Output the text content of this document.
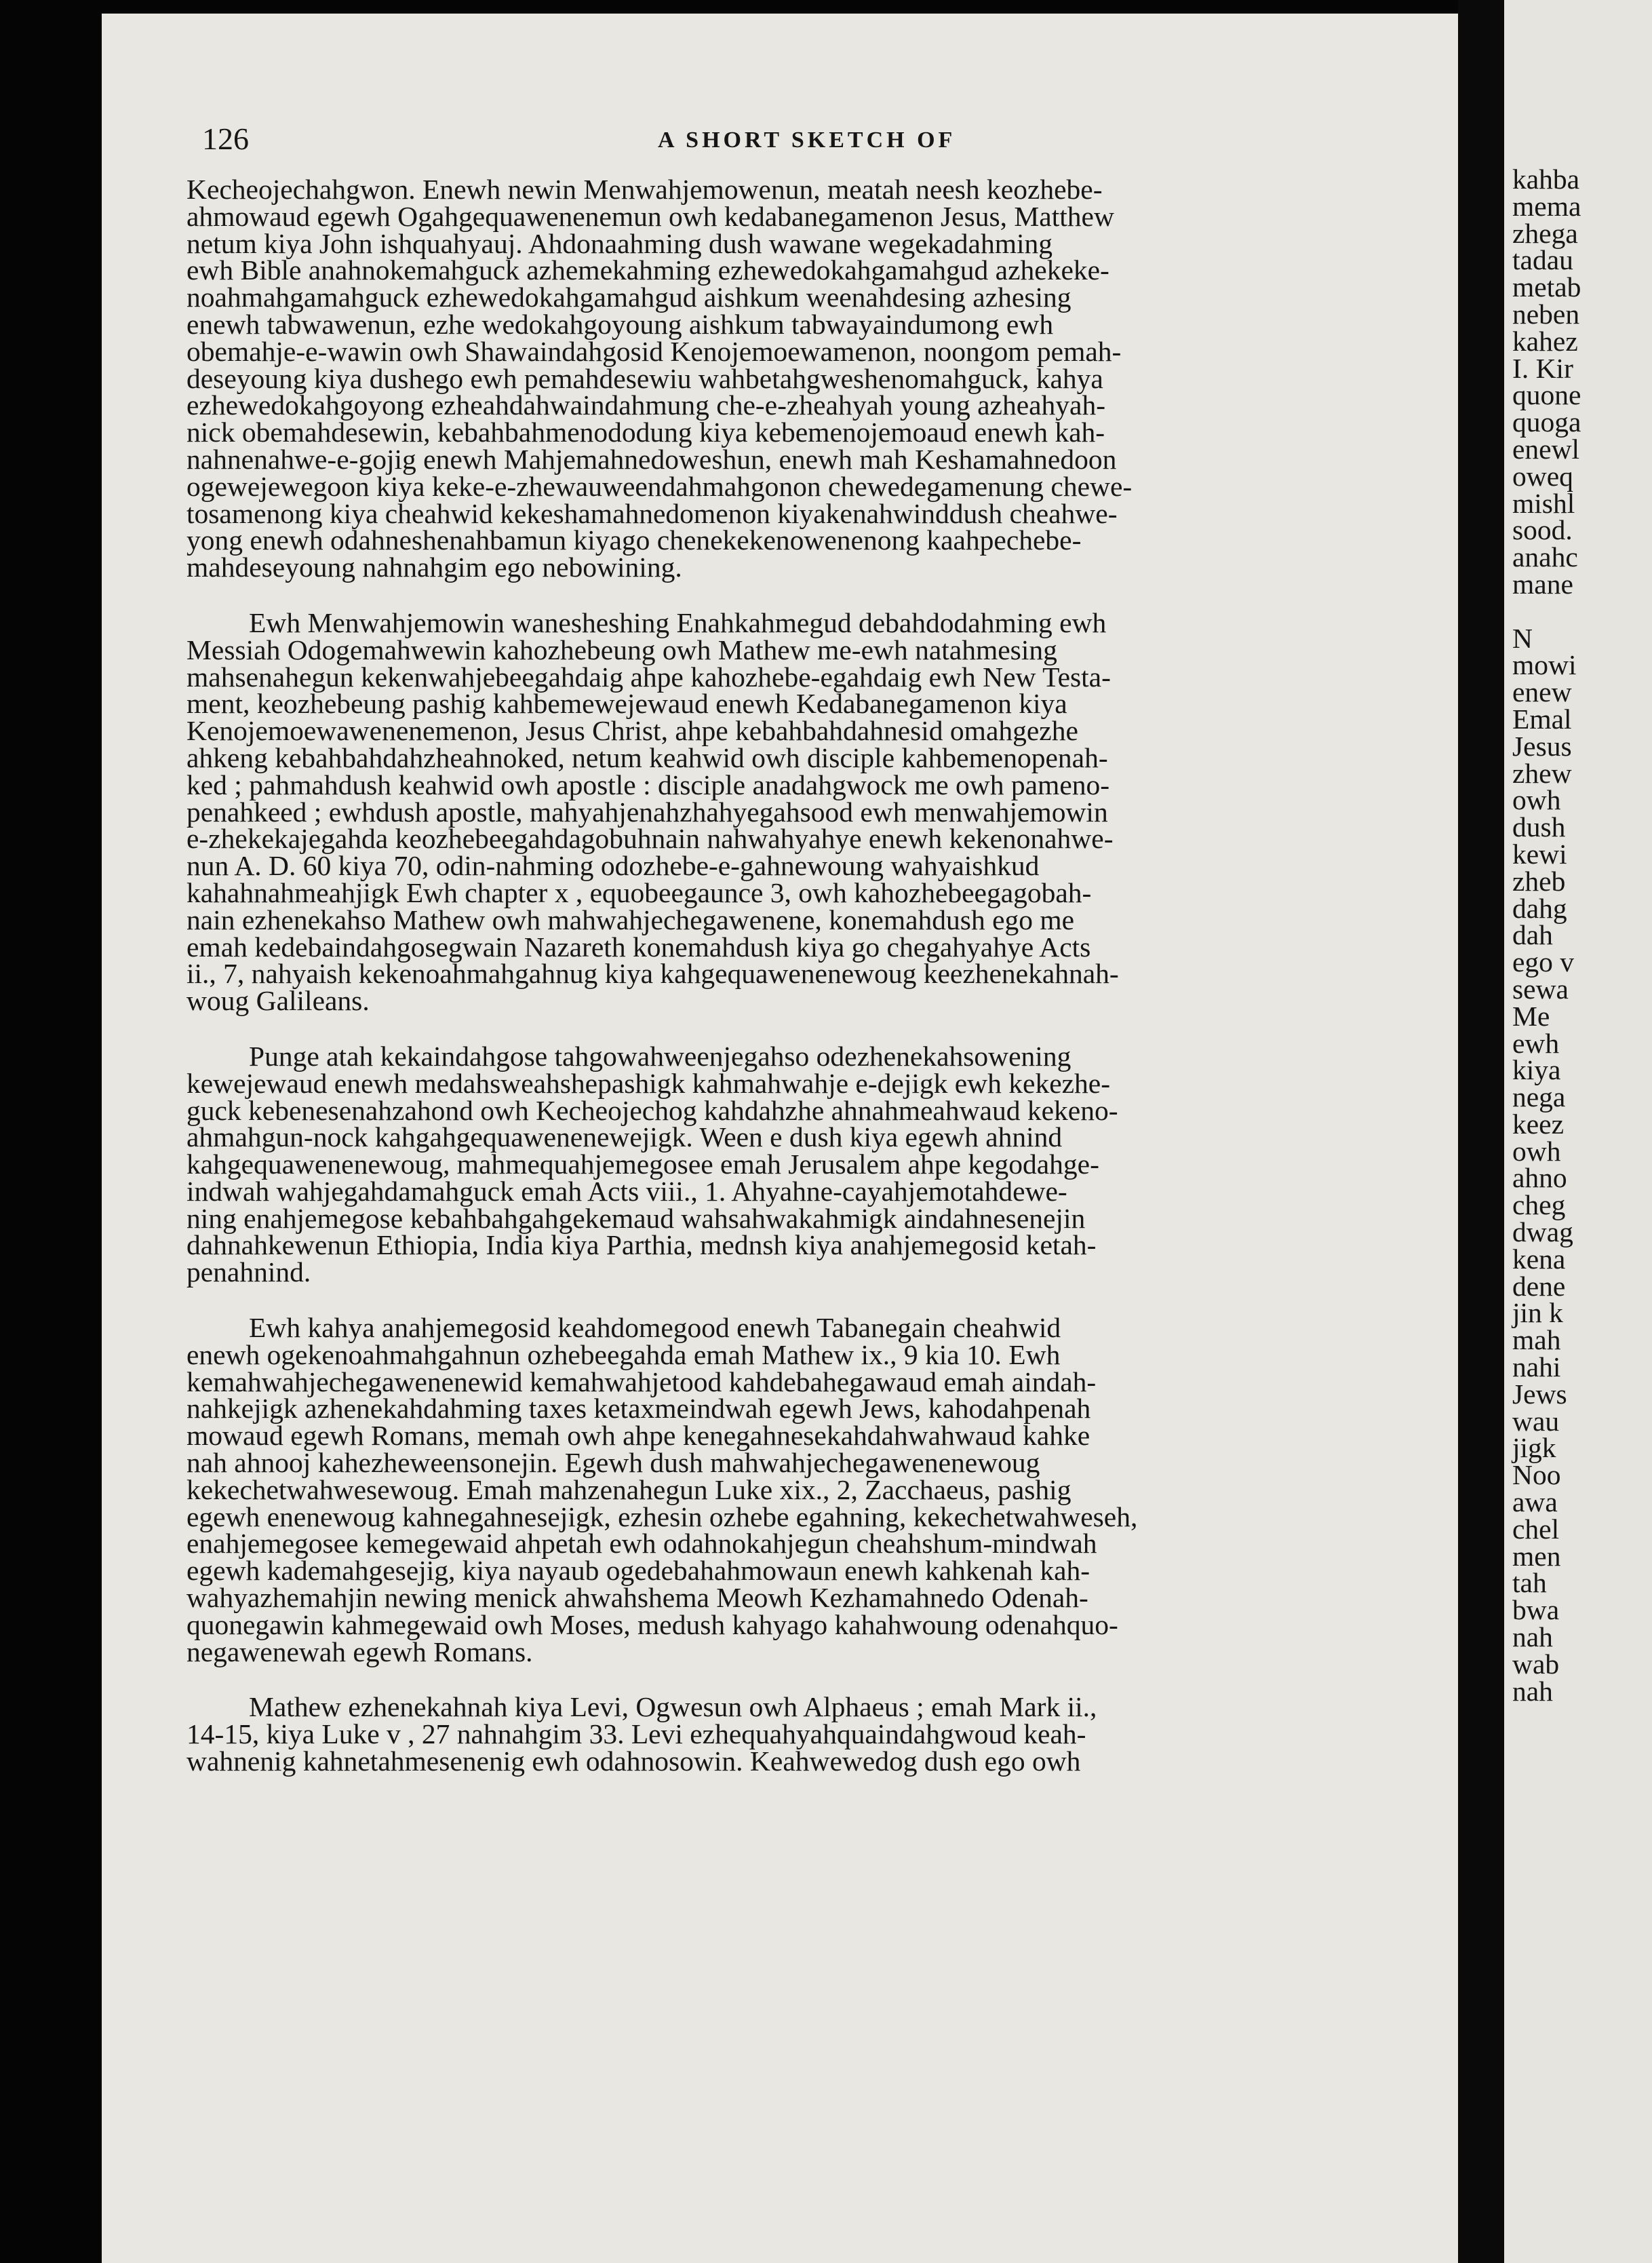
126	A SHORT SKETCH OF
Kecheojechahgwon. Enewh newin Menwahjemowenun, meatah neesh keozhebe-
ahmowaud egewh Ogahgequawenenemun owh kedabanegamenon Jesus, Matthew
netum kiya John ishquahyauj. Ahdonaahming dush wawane wegekadahming
ewh Bible anahnokemahguck azhemekahming ezhewedokahgamahgud azhekeke-
noahmahgamahguck ezhewedokahgamahgud aishkum weenahdesing azhesing
enewh tabwawenun, ezhe wedokahgoyoung aishkum tabwayaindumong ewh
obemahje-e-wawin owh Shawaindahgosid Kenojemoewamenon, noongom pemah-
deseyoung kiya dushego ewh pemahdesewiu wahbetahgweshenomahguck, kahya
ezhewedokahgoyong ezheahdahwaindahmung che-e-zheahyah young azheahyah-
nick obemahdesewin, kebahbahmenododung kiya kebemenojemoaud enewh kah-
nahnenahwe-e-gojig enewh Mahjemahnedoweshun, enewh mah Keshamahnedoon
ogewejewegoon kiya keke-e-zhewauweendahmahgonon chewedegamenung chewe-
tosamenong kiya cheahwid kekeshamahnedomenon kiyakenahwinddush cheahwe-
yong enewh odahneshenahbamun kiyago chenekekenowenenong kaahpechebe-
mahdeseyoung nahnahgim ego nebowining.
Ewh Menwahjemowin wanesheshing Enahkahmegud debahdodahming ewh
Messiah Odogemahwewin kahozhebeung owh Mathew me-ewh natahmesing
mahsenahegun kekenwahjebeegahdaig ahpe kahozhebe-egahdaig ewh New Testa-
ment, keozhebeung pashig kahbemewejewaud enewh Kedabanegamenon kiya
Kenojemoewawenenemenon, Jesus Christ, ahpe kebahbahdahnesid omahgezhe
ahkeng kebahbahdahzheahnoked, netum keahwid owh disciple kahbemenopenah-
ked ; pahmahdush keahwid owh apostle : disciple anadahgwock me owh pameno-
penahkeed ; ewhdush apostle, mahyahjenahzhahyegahsood ewh menwahjemowin
e-zhekekajegahda keozhebeegahdagobuhnain nahwahyahye enewh kekenonahwe-
nun A. D. 60 kiya 70, odin-nahming odozhebe-e-gahnewoung wahyaishkud
kahahnahmeahjigk Ewh chapter x , equobeegaunce 3, owh kahozhebeegagobah-
nain ezhenekahso Mathew owh mahwahjechegawenene, konemahdush ego me
emah kedebaindahgosegwain Nazareth konemahdush kiya go chegahyahye Acts
ii., 7, nahyaish kekenoahmahgahnug kiya kahgequawenenewoug keezhenekahnah-
woug Galileans.
Punge atah kekaindahgose tahgowahweenjegahso odezhenekahsowening
kewejewaud enewh medahsweahshepashigk kahmahwahje e-dejigk ewh kekezhe-
guck kebenesenahzahond owh Kecheojechog kahdahzhe ahnahmeahwaud kekeno-
ahmahgun-nock kahgahgequawenenewejigk. Ween e dush kiya egewh ahnind
kahgequawenenewoug, mahmequahjemegosee emah Jerusalem ahpe kegodahge-
indwah wahjegahdamahguck emah Acts viii., 1. Ahyahne-cayahjemotahdewe-
ning enahjemegose kebahbahgahgekemaud wahsahwakahmigk aindahnesenejin
dahnahkewenun Ethiopia, India kiya Parthia, mednsh kiya anahjemegosid ketah-
penahnind.
Ewh kahya anahjemegosid keahdomegood enewh Tabanegain cheahwid
enewh ogekenoahmahgahnun ozhebeegahda emah Mathew ix., 9 kia 10. Ewh
kemahwahjechegawenenewid kemahwahjetood kahdebahegawaud emah aindah-
nahkejigk azhenekahdahming taxes ketaxmeindwah egewh Jews, kahodahpenah
mowaud egewh Romans, memah owh ahpe kenegahnesekahdahwahwaud kahke
nah ahnooj kahezheweensonejin. Egewh dush mahwahjechegawenenewoug
kekechetwahwesewoug. Emah mahzenahegun Luke xix., 2, Zacchaeus, pashig
egewh enenewoug kahnegahnesejigk, ezhesin ozhebe egahning, kekechetwahweseh,
enahjemegosee kemegewaid ahpetah ewh odahnokahjegun cheahshum-mindwah
egewh kademahgesejig, kiya nayaub ogedebahahmowaun enewh kahkenah kah-
wahyazhemahjin newing menick ahwahshema Meowh Kezhamahnedo Odenah-
quonegawin kahmegewaid owh Moses, medush kahyago kahahwoung odenahquo-
negawenewah egewh Romans.
Mathew ezhenekahnah kiya Levi, Ogwesun owh Alphaeus ; emah Mark ii.,
14-15, kiya Luke v , 27 nahnahgim 33. Levi ezhequahyahquaindahgwoud keah-
wahnenig kahnetahmesenenig ewh odahnosowin. Keahwewedog dush ego owh
kahba
mema
zhega
tadau
metab
neben
kahez
I. Kir
quone
quoga
enewl
oweq
mishl
sood.
anahc
mane
N
mowi
enew
Emal
Jesus
zhew
owh
dush
kewi
zheb
dahg
dah
ego v
sewa
Me
ewh
kiya
nega
keez
owh
ahno
cheg
dwag
kena
dene
jin k
mah
nahi
Jews
wau
jigk
Noo
awa
chel
men
tah
bwa
nah
wab
nah
